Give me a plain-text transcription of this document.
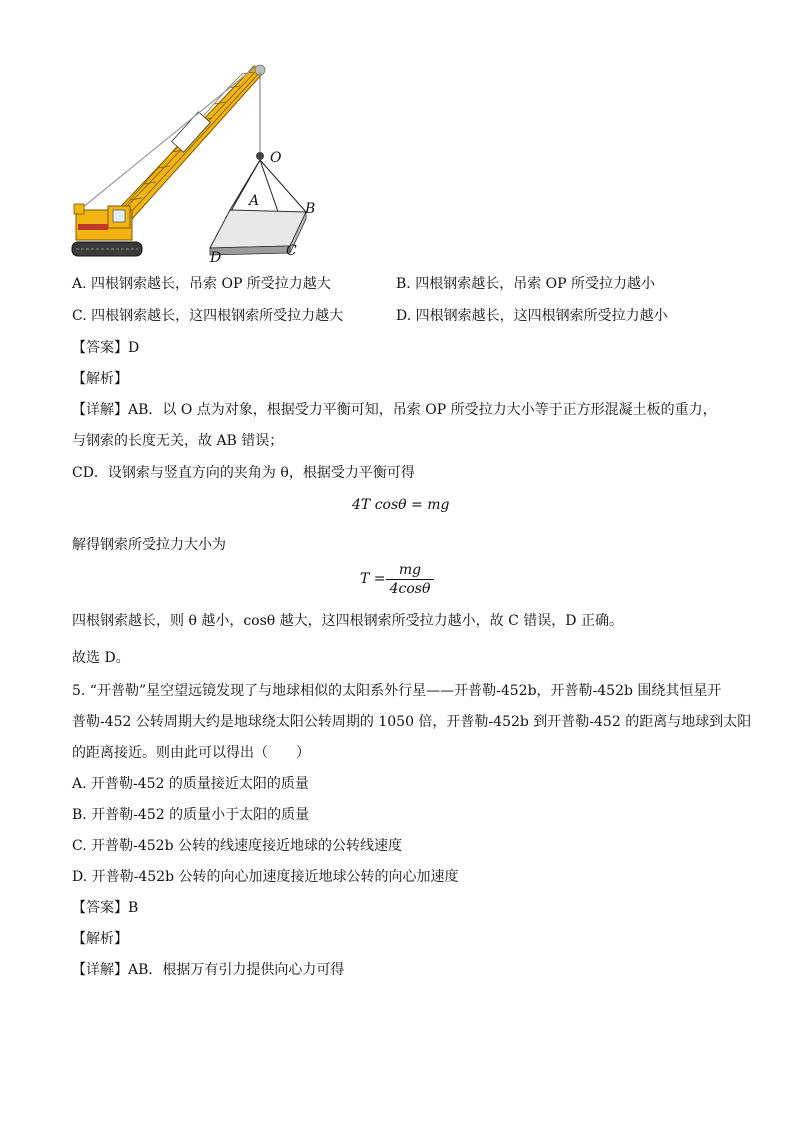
O
A	B
C
D
A. 四根钢索越长，吊索 OP 所受拉力越大	B. 四根钢索越长，吊索 OP 所受拉力越小
C. 四根钢索越长，这四根钢索所受拉力越大	D. 四根钢索越长，这四根钢索所受拉力越小
【答案】D
【解析】
【详解】AB．以 O 点为对象，根据受力平衡可知，吊索 OP 所受拉力大小等于正方形混凝土板的重力，
与钢索的长度无关，故 AB 错误；
CD．设钢索与竖直方向的夹角为 θ，根据受力平衡可得
4T cosθ = mg
解得钢索所受拉力大小为
T =
mg
4cosθ
四根钢索越长，则 θ 越小，cosθ 越大，这四根钢索所受拉力越小，故 C 错误，D 正确。
故选 D。
5. “开普勒”星空望远镜发现了与地球相似的太阳系外行星——开普勒-452b，开普勒-452b 围绕其恒星开
普勒-452 公转周期大约是地球绕太阳公转周期的 1050 倍，开普勒-452b 到开普勒-452 的距离与地球到太阳
的距离接近。则由此可以得出（　　）
A. 开普勒-452 的质量接近太阳的质量
B. 开普勒-452 的质量小于太阳的质量
C. 开普勒-452b 公转的线速度接近地球的公转线速度
D. 开普勒-452b 公转的向心加速度接近地球公转的向心加速度
【答案】B
【解析】
【详解】AB．根据万有引力提供向心力可得
